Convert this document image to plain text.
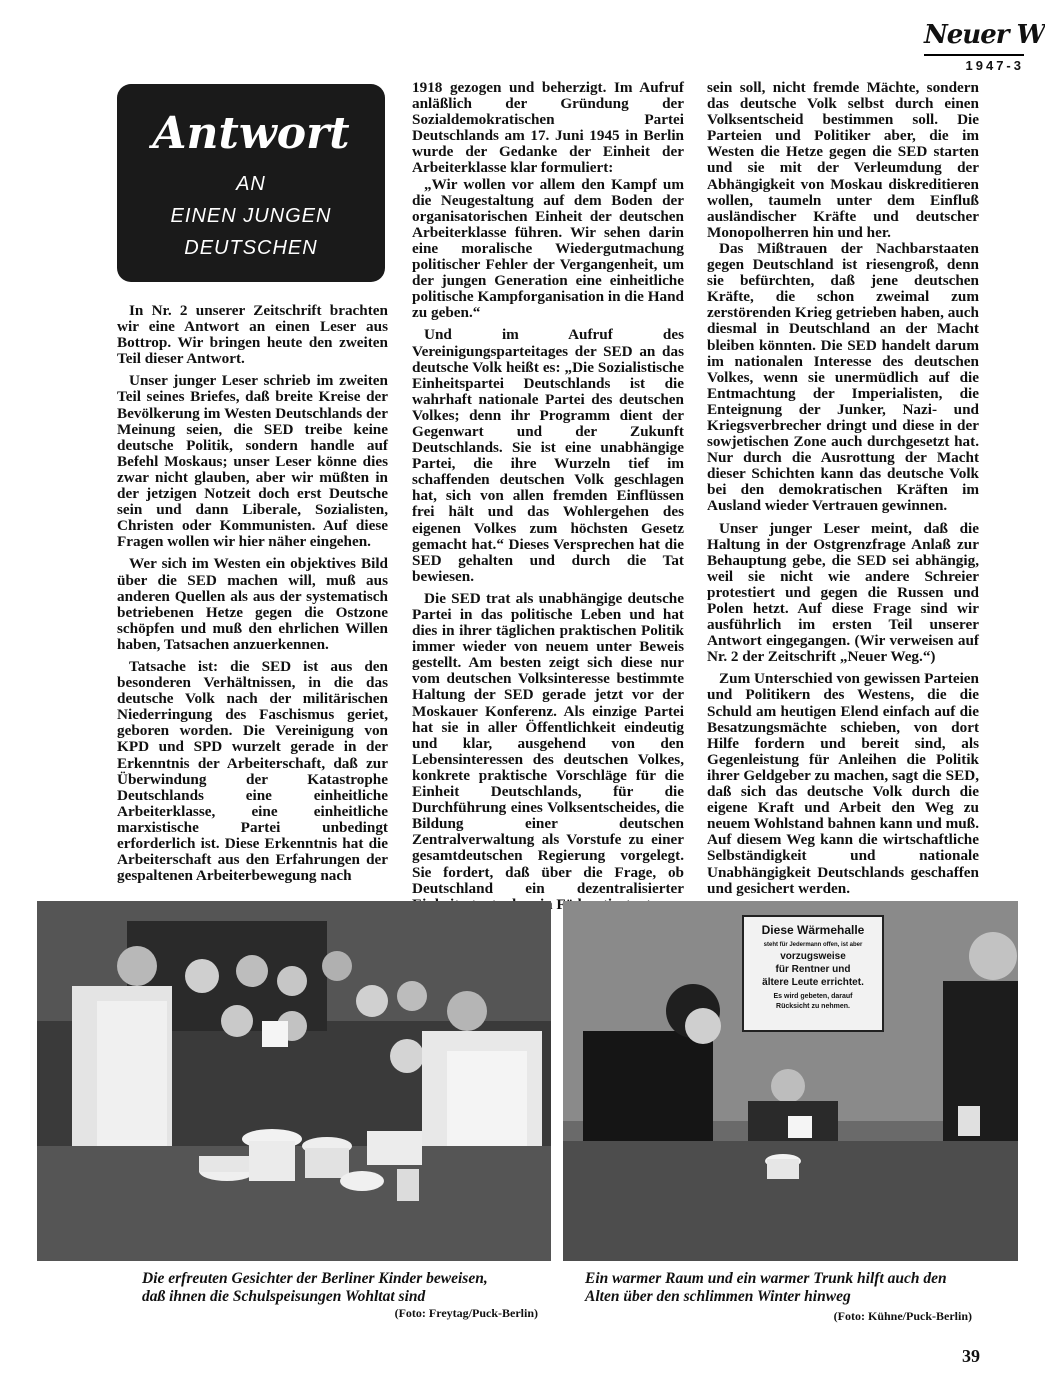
Neuer W
1947-3
Antwort
AN
EINEN JUNGEN
DEUTSCHEN

In Nr. 2 unserer Zeitschrift brachten wir eine Antwort an einen Leser aus Bottrop. Wir bringen heute den zweiten Teil dieser Antwort.

Unser junger Leser schrieb im zweiten Teil seines Briefes, daß breite Kreise der Bevölkerung im Westen Deutschlands der Meinung seien, die SED treibe keine deutsche Politik, sondern handle auf Befehl Moskaus; unser Leser könne dies zwar nicht glauben, aber wir müßten in der jetzigen Notzeit doch erst Deutsche sein und dann Liberale, Sozialisten, Christen oder Kommunisten. Auf diese Fragen wollen wir hier näher eingehen.

Wer sich im Westen ein objektives Bild über die SED machen will, muß aus anderen Quellen als aus der systematisch betriebenen Hetze gegen die Ostzone schöpfen und muß den ehrlichen Willen haben, Tatsachen anzuerkennen.

Tatsache ist: die SED ist aus den besonderen Verhältnissen, in die das deutsche Volk nach der militärischen Niederringung des Faschismus geriet, geboren worden. Die Vereinigung von KPD und SPD wurzelt gerade in der Erkenntnis der Arbeiterschaft, daß zur Überwindung der Katastrophe Deutschlands eine einheitliche Arbeiterklasse, eine einheitliche marxistische Partei unbedingt erforderlich ist. Diese Erkenntnis hat die Arbeiterschaft aus den Erfahrungen der gespaltenen Arbeiterbewegung nach

1918 gezogen und beherzigt. Im Aufruf anläßlich der Gründung der Sozialdemokratischen Partei Deutschlands am 17. Juni 1945 in Berlin wurde der Gedanke der Einheit der Arbeiterklasse klar formuliert:

„Wir wollen vor allem den Kampf um die Neugestaltung auf dem Boden der organisatorischen Einheit der deutschen Arbeiterklasse führen. Wir sehen darin eine moralische Wiedergutmachung politischer Fehler der Vergangenheit, um der jungen Generation eine einheitliche politische Kampforganisation in die Hand zu geben.“

Und im Aufruf des Vereinigungsparteitages der SED an das deutsche Volk heißt es: „Die Sozialistische Einheitspartei Deutschlands ist die wahrhaft nationale Partei des deutschen Volkes; denn ihr Programm dient der Gegenwart und der Zukunft Deutschlands. Sie ist eine unabhängige Partei, die ihre Wurzeln tief im schaffenden deutschen Volk geschlagen hat, sich von allen fremden Einflüssen frei hält und das Wohlergehen des eigenen Volkes zum höchsten Gesetz gemacht hat.“ Dieses Versprechen hat die SED gehalten und durch die Tat bewiesen.

Die SED trat als unabhängige deutsche Partei in das politische Leben und hat dies in ihrer täglichen praktischen Politik immer wieder von neuem unter Beweis gestellt. Am besten zeigt sich diese nur vom deutschen Volksinteresse bestimmte Haltung der SED gerade jetzt vor der Moskauer Konferenz. Als einzige Partei hat sie in aller Öffentlichkeit eindeutig und klar, ausgehend von den Lebensinteressen des deutschen Volkes, konkrete praktische Vorschläge für die Einheit Deutschlands, für die Durchführung eines Volksentscheides, die Bildung einer deutschen Zentralverwaltung als Vorstufe zu einer gesamtdeutschen Regierung vorgelegt. Sie fordert, daß über die Frage, ob Deutschland ein dezentralisierter

sein soll, nicht fremde Mächte, sondern das deutsche Volk selbst durch einen Volksentscheid bestimmen soll. Die Parteien und Politiker aber, die im Westen die Hetze gegen die SED starten und sie mit der Verleumdung der Abhängigkeit von Moskau diskreditieren wollen, taumeln unter dem Einfluß ausländischer Kräfte und deutscher Monopolherren hin und her.

Das Mißtrauen der Nachbarstaaten gegen Deutschland ist riesengroß, denn sie befürchten, daß jene deutschen Kräfte, die schon zweimal zum zerstörenden Krieg getrieben haben, auch diesmal in Deutschland an der Macht bleiben könnten. Die SED handelt darum im nationalen Interesse des deutschen Volkes, wenn sie unermüdlich auf die Entmachtung der Imperialisten, die Enteignung der Junker, Nazi- und Kriegsverbrecher dringt und diese in der sowjetischen Zone auch durchgesetzt hat. Nur durch die Ausrottung der Macht dieser Schichten kann das deutsche Volk bei den demokratischen Kräften im Ausland wieder Vertrauen gewinnen.

Unser junger Leser meint, daß die Haltung in der Ostgrenzfrage Anlaß zur Behauptung gebe, die SED sei abhängig, weil sie nicht wie andere Schreier protestiert und gegen die Russen und Polen hetzt. Auf diese Frage sind wir ausführlich im ersten Teil unserer Antwort eingegangen. (Wir verweisen auf Nr. 2 der Zeitschrift „Neuer Weg.“)

Zum Unterschied von gewissen Parteien und Politikern des Westens, die die Schuld am heutigen Elend einfach auf die Besatzungsmächte schieben, von dort Hilfe fordern und bereit sind, als Gegenleistung für Anleihen die Politik ihrer Geldgeber zu machen, sagt die SED, daß sich das deutsche Volk durch die eigene Kraft und Arbeit den Weg zu neuem Wohlstand bahnen kann und muß. Auf diesem Weg kann die wirtschaftliche Selbständigkeit und nationale Unabhängigkeit Deutschlands geschaffen und gesichert werden.

Diese Wärmehalle
steht für Jedermann offen, ist aber
vorzugsweise
für Rentner und
ältere Leute errichtet.
Es wird gebeten, darauf
Rücksicht zu nehmen.
Die erfreuten Gesichter der Berliner Kinder beweisen, daß ihnen die Schulspeisungen Wohltat sind
(Foto: Freytag/Puck-Berlin)
Ein warmer Raum und ein warmer Trunk hilft auch den Alten über den schlimmen Winter hinweg
(Foto: Kühne/Puck-Berlin)
39
